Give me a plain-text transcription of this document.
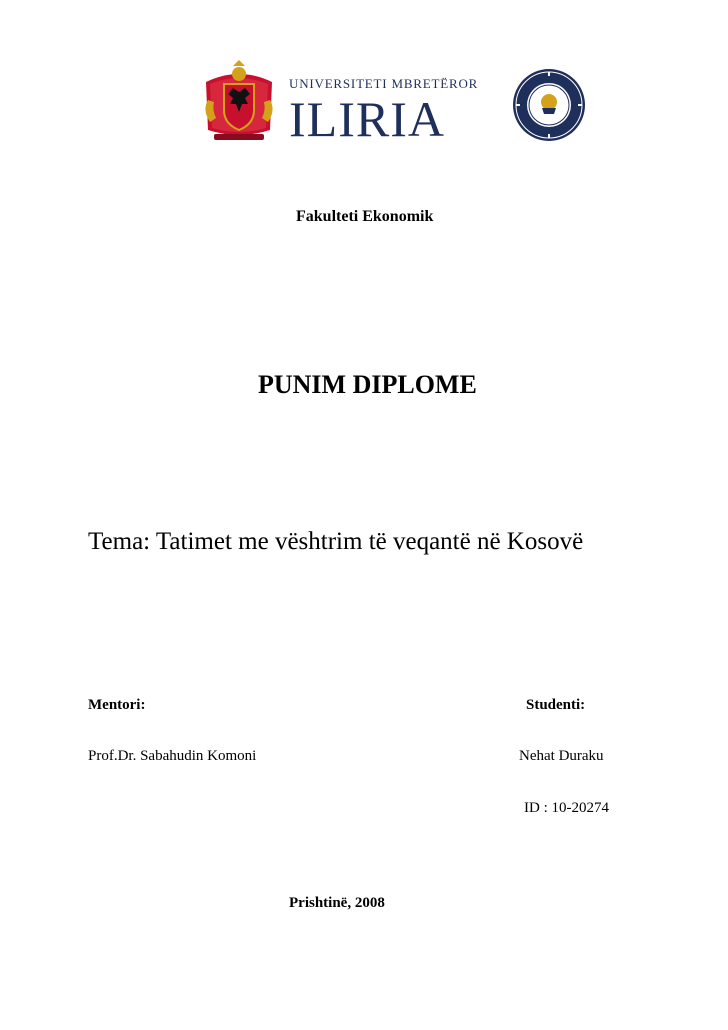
UNIVERSITETI MBRETËROR
ILIRIA
Fakulteti Ekonomik
PUNIM DIPLOME
Tema: Tatimet me vështrim të veqantë në Kosovë
Mentori:	Studenti:
Prof.Dr. Sabahudin Komoni	Nehat Duraku
ID : 10-20274
Prishtinë, 2008
